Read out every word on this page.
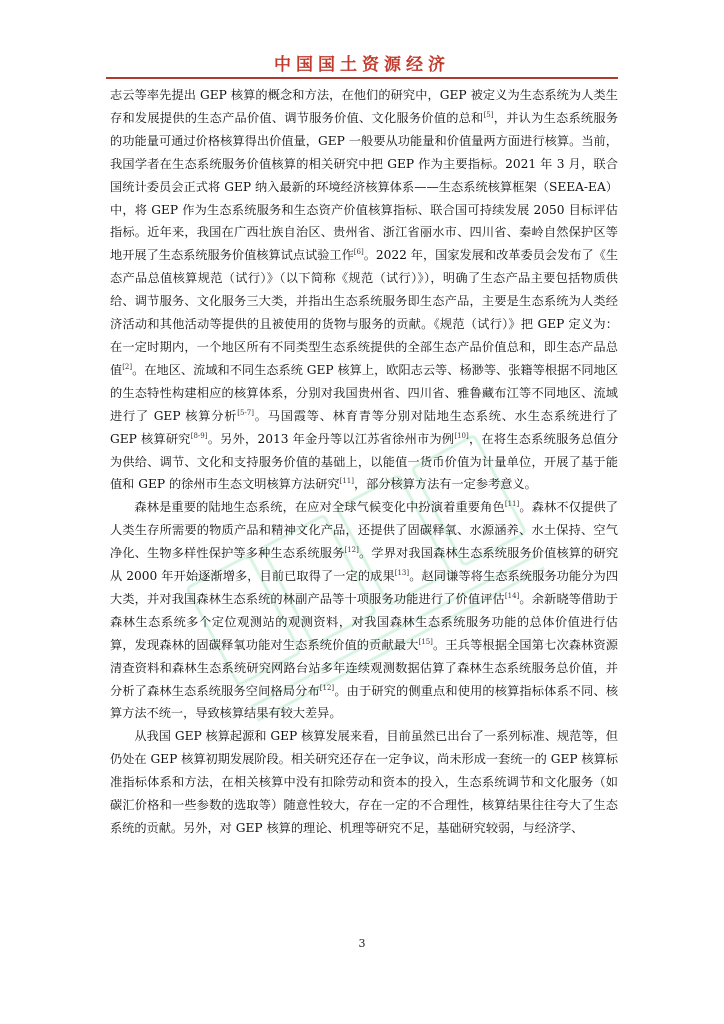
中国国土资源经济

志云等率先提出 GEP 核算的概念和方法，在他们的研究中，GEP 被定义为生态系统为人类生存和发展提供的生态产品价值、调节服务价值、文化服务价值的总和[5]，并认为生态系统服务的功能量可通过价格核算得出价值量，GEP 一般要从功能量和价值量两方面进行核算。当前，我国学者在生态系统服务价值核算的相关研究中把 GEP 作为主要指标。2021 年 3 月，联合国统计委员会正式将 GEP 纳入最新的环境经济核算体系——生态系统核算框架（SEEA-EA）中，将 GEP 作为生态系统服务和生态资产价值核算指标、联合国可持续发展 2050 目标评估指标。近年来，我国在广西壮族自治区、贵州省、浙江省丽水市、四川省、秦岭自然保护区等地开展了生态系统服务价值核算试点试验工作[6]。2022 年，国家发展和改革委员会发布了《生态产品总值核算规范（试行）》（以下简称《规范（试行）》），明确了生态产品主要包括物质供给、调节服务、文化服务三大类，并指出生态系统服务即生态产品，主要是生态系统为人类经济活动和其他活动等提供的且被使用的货物与服务的贡献。《规范（试行）》把 GEP 定义为：在一定时期内，一个地区所有不同类型生态系统提供的全部生态产品价值总和，即生态产品总值[2]。在地区、流域和不同生态系统 GEP 核算上，欧阳志云等、杨渺等、张籍等根据不同地区的生态特性构建相应的核算体系，分别对我国贵州省、四川省、雅鲁藏布江等不同地区、流域进行了 GEP 核算分析[5-7]。马国霞等、林育青等分别对陆地生态系统、水生态系统进行了 GEP 核算研究[8-9]。另外，2013 年金丹等以江苏省徐州市为例[10]，在将生态系统服务总值分为供给、调节、文化和支持服务价值的基础上，以能值一货币价值为计量单位，开展了基于能值和 GEP 的徐州市生态文明核算方法研究[11]，部分核算方法有一定参考意义。

森林是重要的陆地生态系统，在应对全球气候变化中扮演着重要角色[11]。森林不仅提供了人类生存所需要的物质产品和精神文化产品，还提供了固碳释氧、水源涵养、水土保持、空气净化、生物多样性保护等多种生态系统服务[12]。学界对我国森林生态系统服务价值核算的研究从 2000 年开始逐渐增多，目前已取得了一定的成果[13]。赵同谦等将生态系统服务功能分为四大类，并对我国森林生态系统的林副产品等十项服务功能进行了价值评估[14]。余新晓等借助于森林生态系统多个定位观测站的观测资料，对我国森林生态系统服务功能的总体价值进行估算，发现森林的固碳释氧功能对生态系统价值的贡献最大[15]。王兵等根据全国第七次森林资源清查资料和森林生态系统研究网路台站多年连续观测数据估算了森林生态系统服务总价值，并分析了森林生态系统服务空间格局分布[12]。由于研究的侧重点和使用的核算指标体系不同、核算方法不统一，导致核算结果有较大差异。

从我国 GEP 核算起源和 GEP 核算发展来看，目前虽然已出台了一系列标准、规范等，但仍处在 GEP 核算初期发展阶段。相关研究还存在一定争议，尚未形成一套统一的 GEP 核算标准指标体系和方法，在相关核算中没有扣除劳动和资本的投入，生态系统调节和文化服务（如碳汇价格和一些参数的选取等）随意性较大，存在一定的不合理性，核算结果往往夸大了生态系统的贡献。另外，对 GEP 核算的理论、机理等研究不足，基础研究较弱，与经济学、

3
